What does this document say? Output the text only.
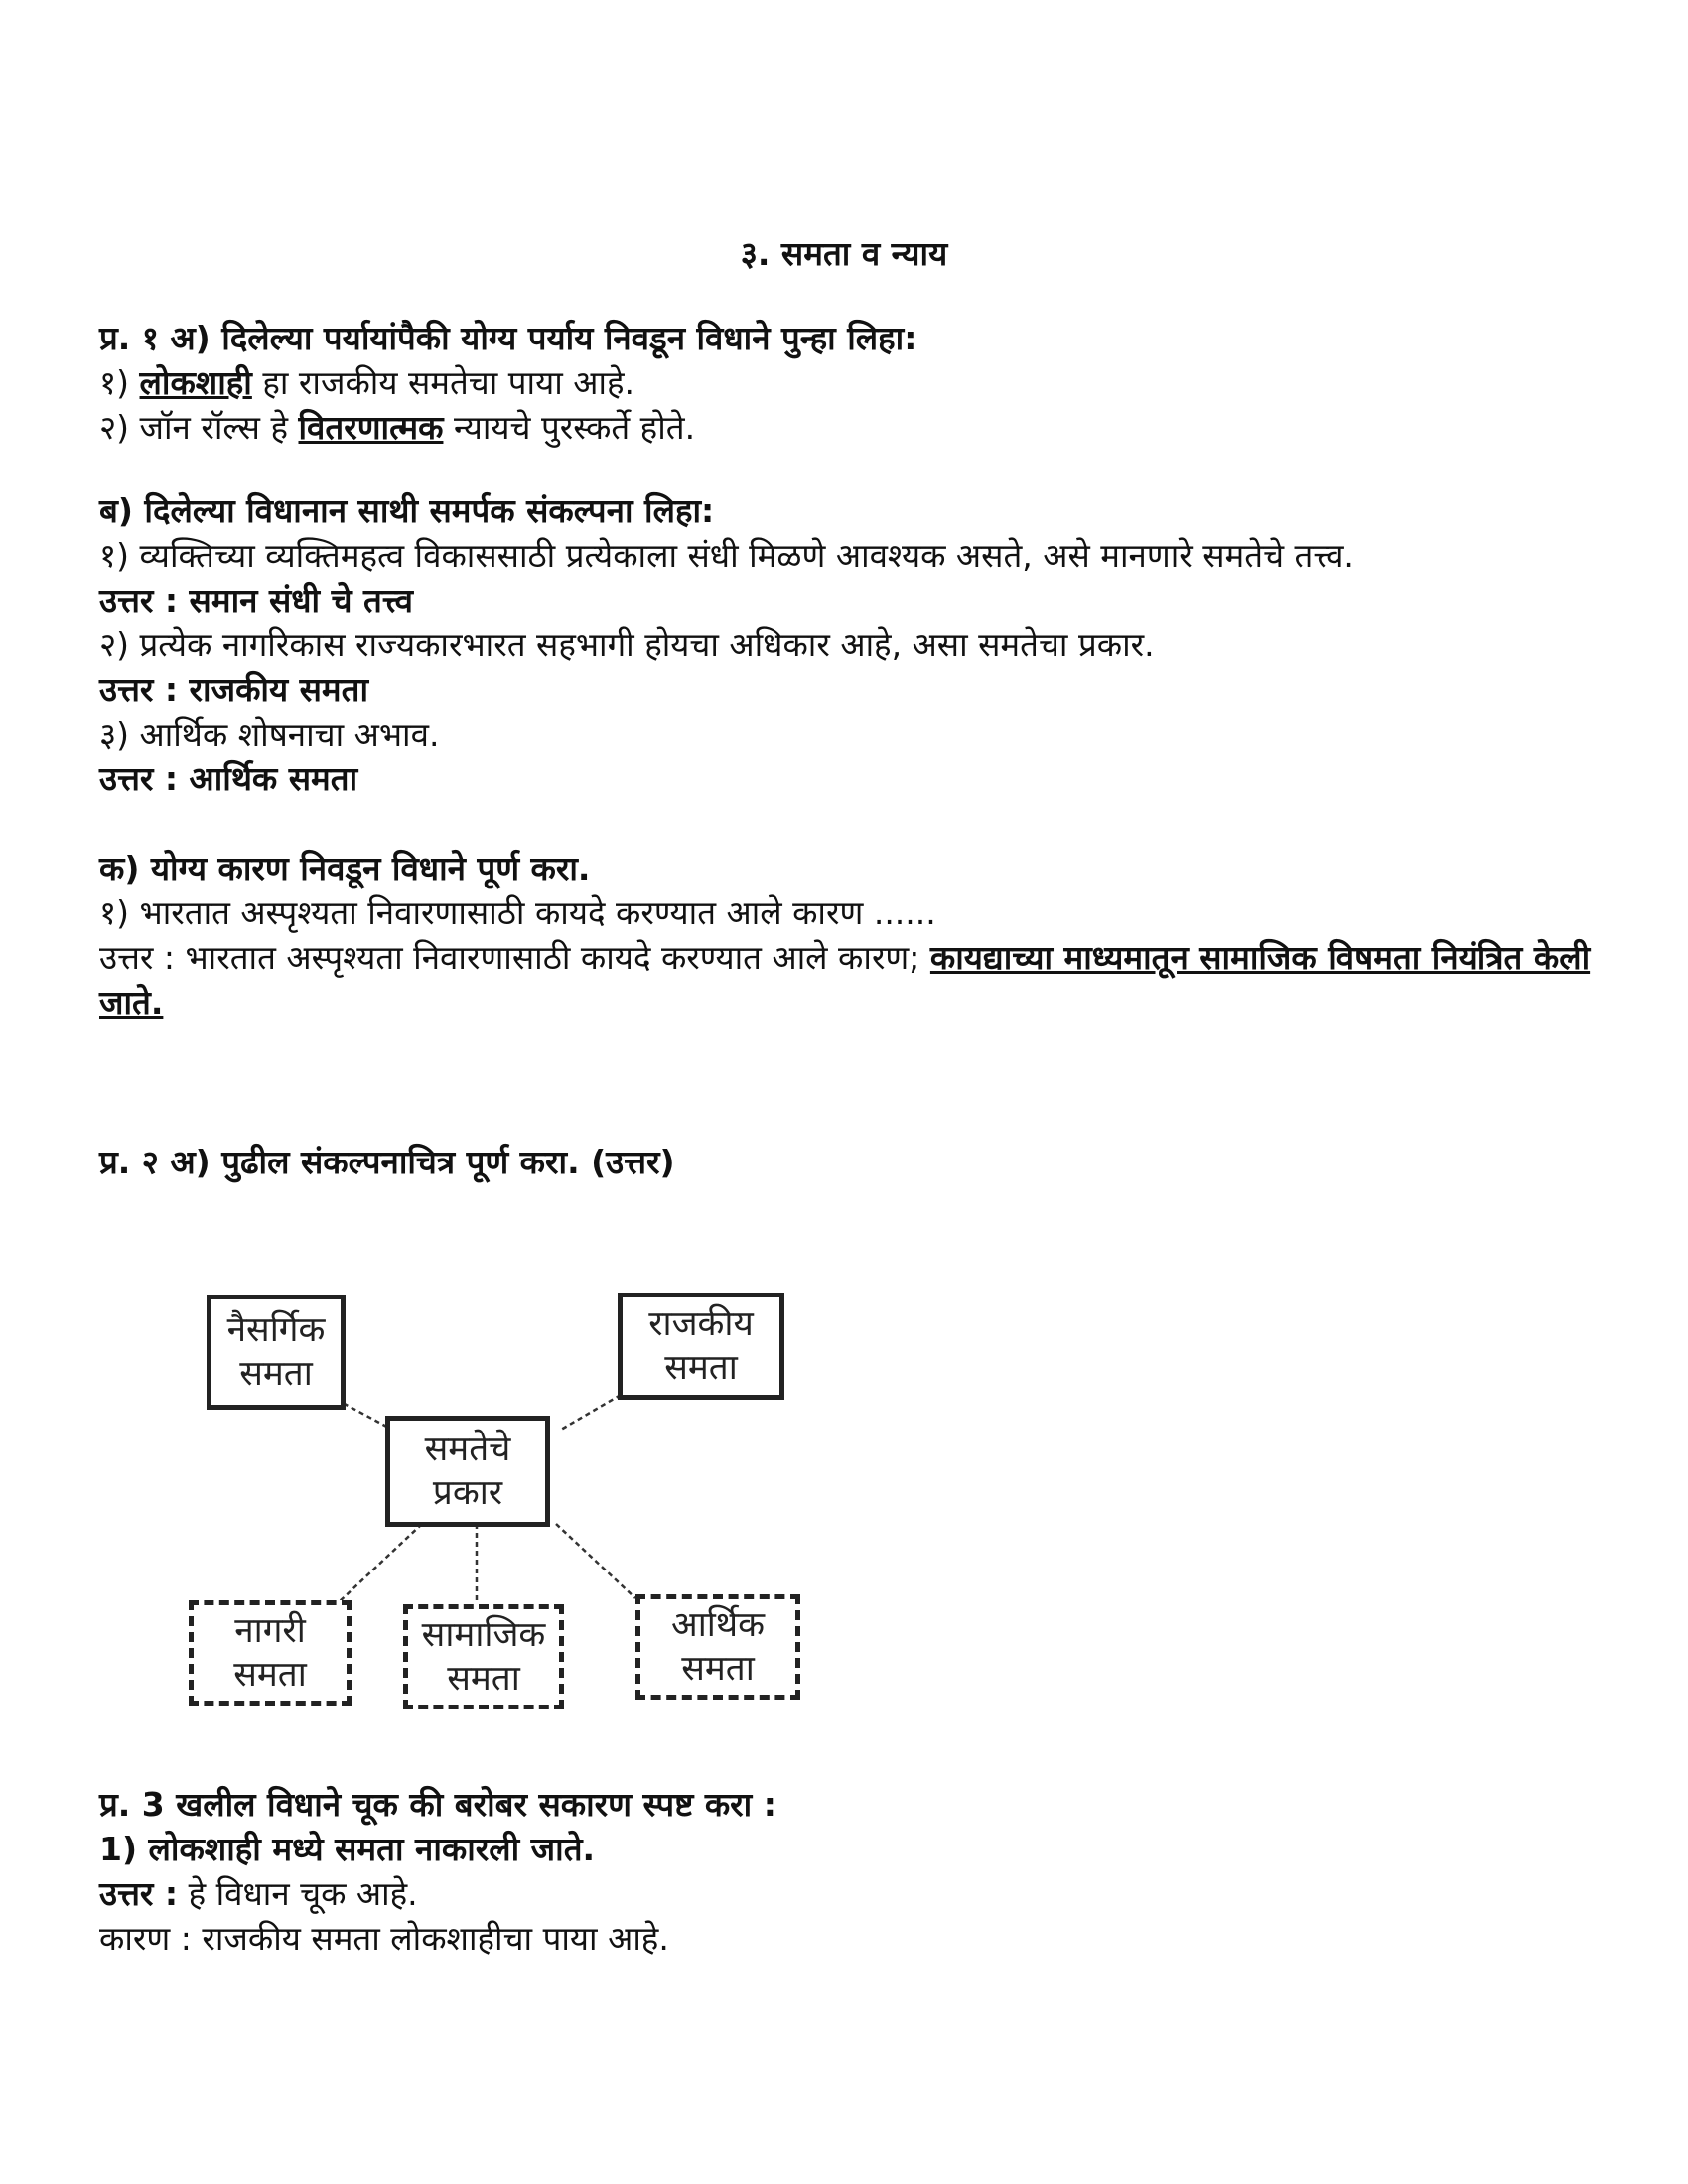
३. समता व न्याय
प्र. १ अ) दिलेल्या पर्यायांपैकी योग्य पर्याय निवडून विधाने पुन्हा लिहा:
१) लोकशाही हा राजकीय समतेचा पाया आहे.
२) जॉन रॉल्स हे वितरणात्मक न्यायचे पुरस्कर्ते होते.
ब) दिलेल्या विधानान साथी समर्पक संकल्पना लिहा:
१) व्यक्तिच्या व्यक्तिमहत्व विकाससाठी प्रत्येकाला संधी मिळणे आवश्यक असते, असे मानणारे समतेचे तत्त्व.
उत्तर : समान संधी चे तत्त्व
२) प्रत्येक नागरिकास राज्यकारभारत सहभागी होयचा अधिकार आहे, असा समतेचा प्रकार.
उत्तर : राजकीय समता
३) आर्थिक शोषनाचा अभाव.
उत्तर : आर्थिक समता
क) योग्य कारण निवडून विधाने पूर्ण करा.
१) भारतात अस्पृश्यता निवारणासाठी कायदे करण्यात आले कारण ......
उत्तर : भारतात अस्पृश्यता निवारणासाठी कायदे करण्यात आले कारण; कायद्याच्या माध्यमातून सामाजिक विषमता नियंत्रित केली जाते.
प्र. २ अ) पुढील संकल्पनाचित्र पूर्ण करा. (उत्तर)
समतेचे
प्रकार
नैसर्गिक
समता
राजकीय
समता
नागरी
समता
सामाजिक
समता
आर्थिक
समता
प्र. 3 खलील विधाने चूक की बरोबर सकारण स्पष्ट करा :
1) लोकशाही मध्ये समता नाकारली जाते.
उत्तर : हे विधान चूक आहे.
कारण : राजकीय समता लोकशाहीचा पाया आहे.
